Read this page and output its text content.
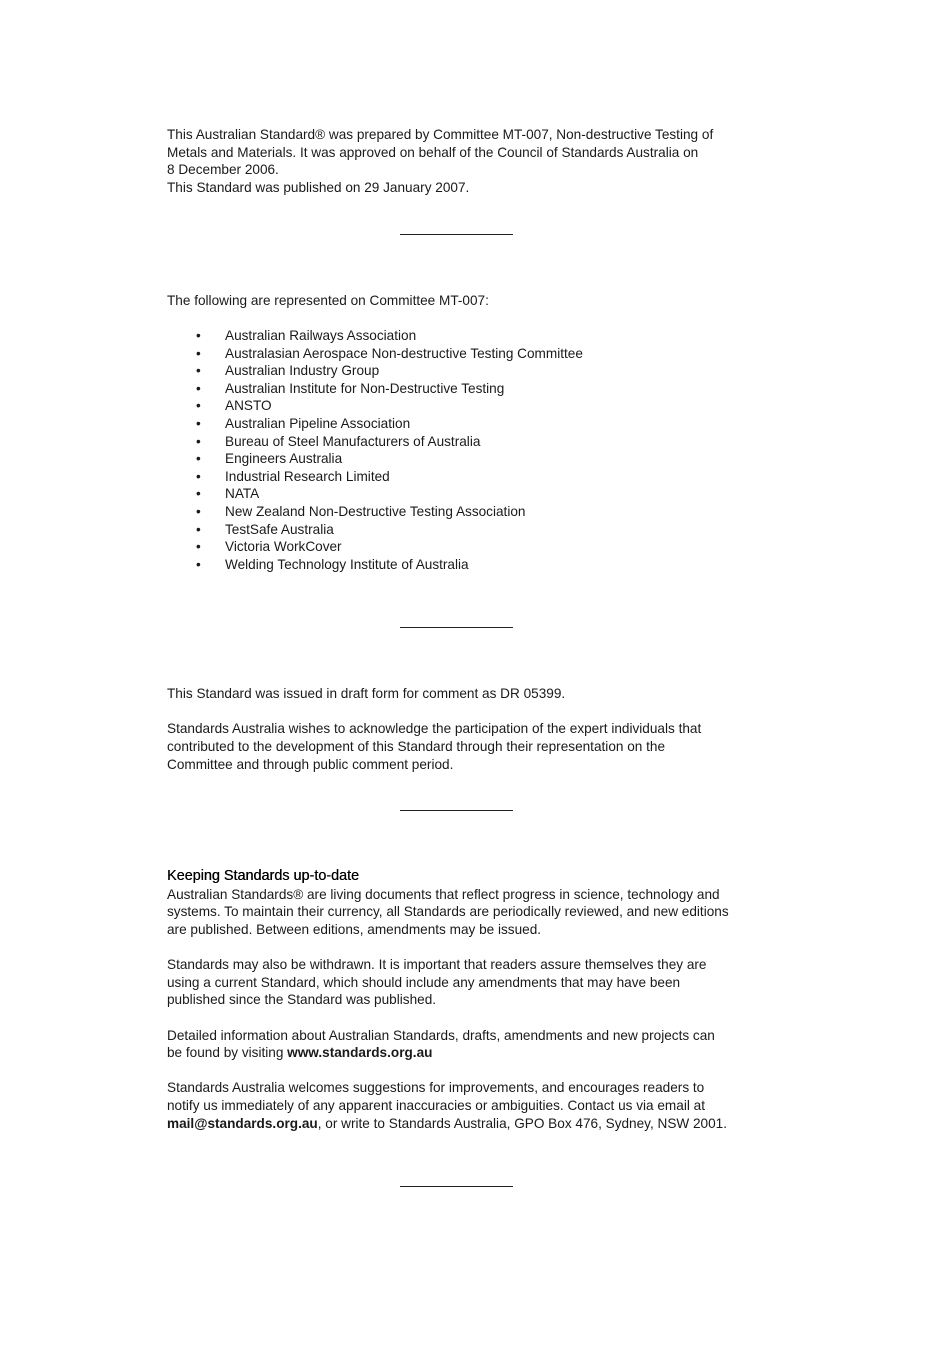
This Australian Standard® was prepared by Committee MT-007, Non-destructive Testing of
Metals and Materials. It was approved on behalf of the Council of Standards Australia on
8 December 2006.
This Standard was published on 29 January 2007.

The following are represented on Committee MT-007:

• Australian Railways Association
• Australasian Aerospace Non-destructive Testing Committee
• Australian Industry Group
• Australian Institute for Non-Destructive Testing
• ANSTO
• Australian Pipeline Association
• Bureau of Steel Manufacturers of Australia
• Engineers Australia
• Industrial Research Limited
• NATA
• New Zealand Non-Destructive Testing Association
• TestSafe Australia
• Victoria WorkCover
• Welding Technology Institute of Australia

This Standard was issued in draft form for comment as DR 05399.

Standards Australia wishes to acknowledge the participation of the expert individuals that
contributed to the development of this Standard through their representation on the
Committee and through public comment period.

Keeping Standards up-to-date

Australian Standards® are living documents that reflect progress in science, technology and
systems. To maintain their currency, all Standards are periodically reviewed, and new editions
are published. Between editions, amendments may be issued.

Standards may also be withdrawn. It is important that readers assure themselves they are
using a current Standard, which should include any amendments that may have been
published since the Standard was published.

Detailed information about Australian Standards, drafts, amendments and new projects can
be found by visiting www.standards.org.au

Standards Australia welcomes suggestions for improvements, and encourages readers to
notify us immediately of any apparent inaccuracies or ambiguities. Contact us via email at
mail@standards.org.au, or write to Standards Australia, GPO Box 476, Sydney, NSW 2001.
